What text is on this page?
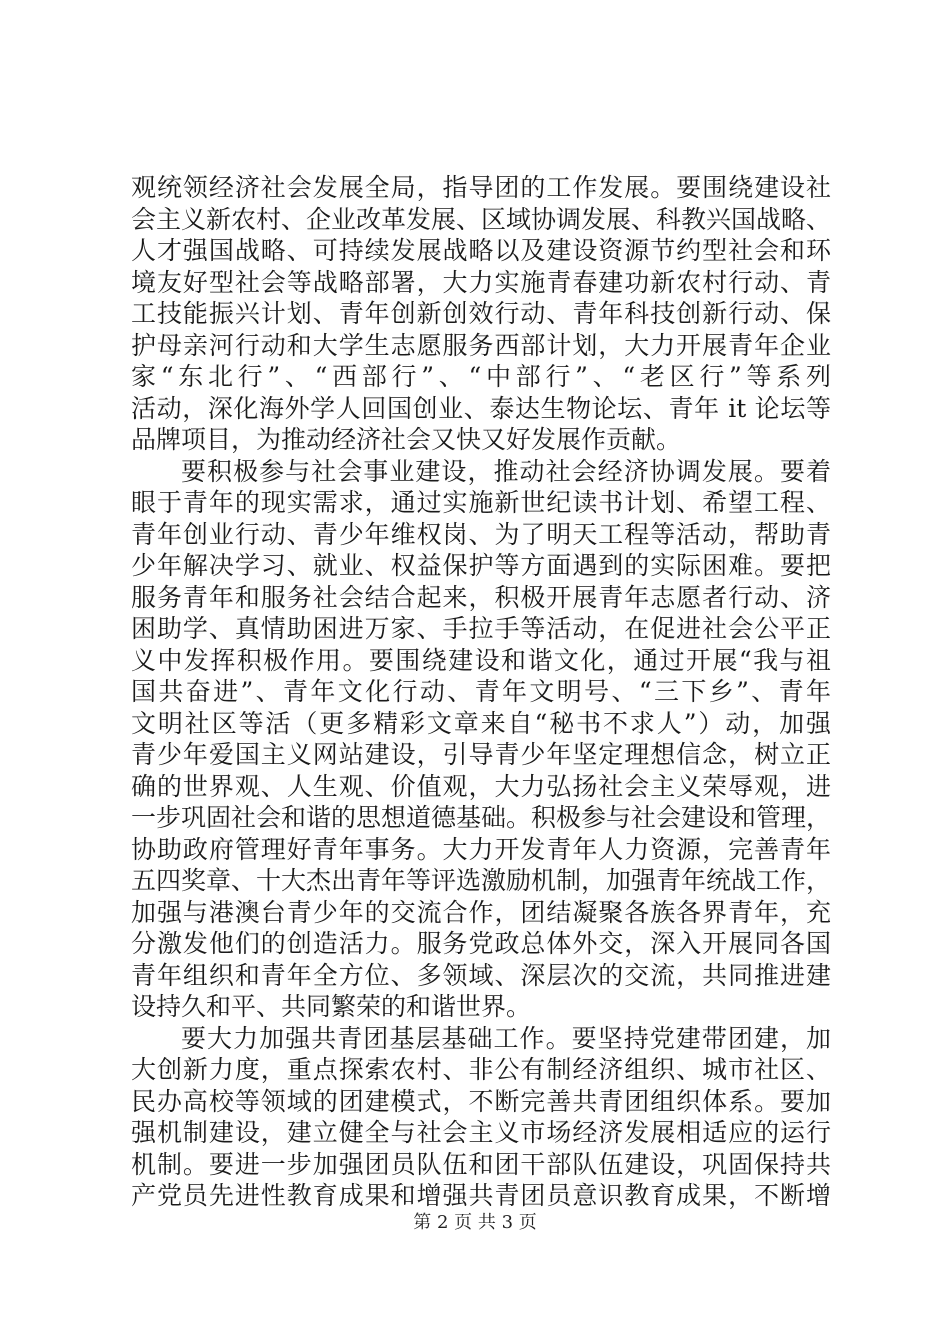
观统领经济社会发展全局，指导团的工作发展。要围绕建设社
会主义新农村、企业改革发展、区域协调发展、科教兴国战略、
人才强国战略、可持续发展战略以及建设资源节约型社会和环
境友好型社会等战略部署，大力实施青春建功新农村行动、青
工技能振兴计划、青年创新创效行动、青年科技创新行动、保
护母亲河行动和大学生志愿服务西部计划，大力开展青年企业
家“东北行”、“西部行”、“中部行”、“老区行”等系列
活动，深化海外学人回国创业、泰达生物论坛、青年 it 论坛等
品牌项目，为推动经济社会又快又好发展作贡献。
要积极参与社会事业建设，推动社会经济协调发展。要着
眼于青年的现实需求，通过实施新世纪读书计划、希望工程、
青年创业行动、青少年维权岗、为了明天工程等活动，帮助青
少年解决学习、就业、权益保护等方面遇到的实际困难。要把
服务青年和服务社会结合起来，积极开展青年志愿者行动、济
困助学、真情助困进万家、手拉手等活动，在促进社会公平正
义中发挥积极作用。要围绕建设和谐文化，通过开展“我与祖
国共奋进”、青年文化行动、青年文明号、“三下乡”、青年
文明社区等活（更多精彩文章来自“秘书不求人”）动，加强
青少年爱国主义网站建设，引导青少年坚定理想信念，树立正
确的世界观、人生观、价值观，大力弘扬社会主义荣辱观，进
一步巩固社会和谐的思想道德基础。积极参与社会建设和管理，
协助政府管理好青年事务。大力开发青年人力资源，完善青年
五四奖章、十大杰出青年等评选激励机制，加强青年统战工作，
加强与港澳台青少年的交流合作，团结凝聚各族各界青年，充
分激发他们的创造活力。服务党政总体外交，深入开展同各国
青年组织和青年全方位、多领域、深层次的交流，共同推进建
设持久和平、共同繁荣的和谐世界。
要大力加强共青团基层基础工作。要坚持党建带团建，加
大创新力度，重点探索农村、非公有制经济组织、城市社区、
民办高校等领域的团建模式，不断完善共青团组织体系。要加
强机制建设，建立健全与社会主义市场经济发展相适应的运行
机制。要进一步加强团员队伍和团干部队伍建设，巩固保持共
产党员先进性教育成果和增强共青团员意识教育成果，不断增
第 2 页 共 3 页
